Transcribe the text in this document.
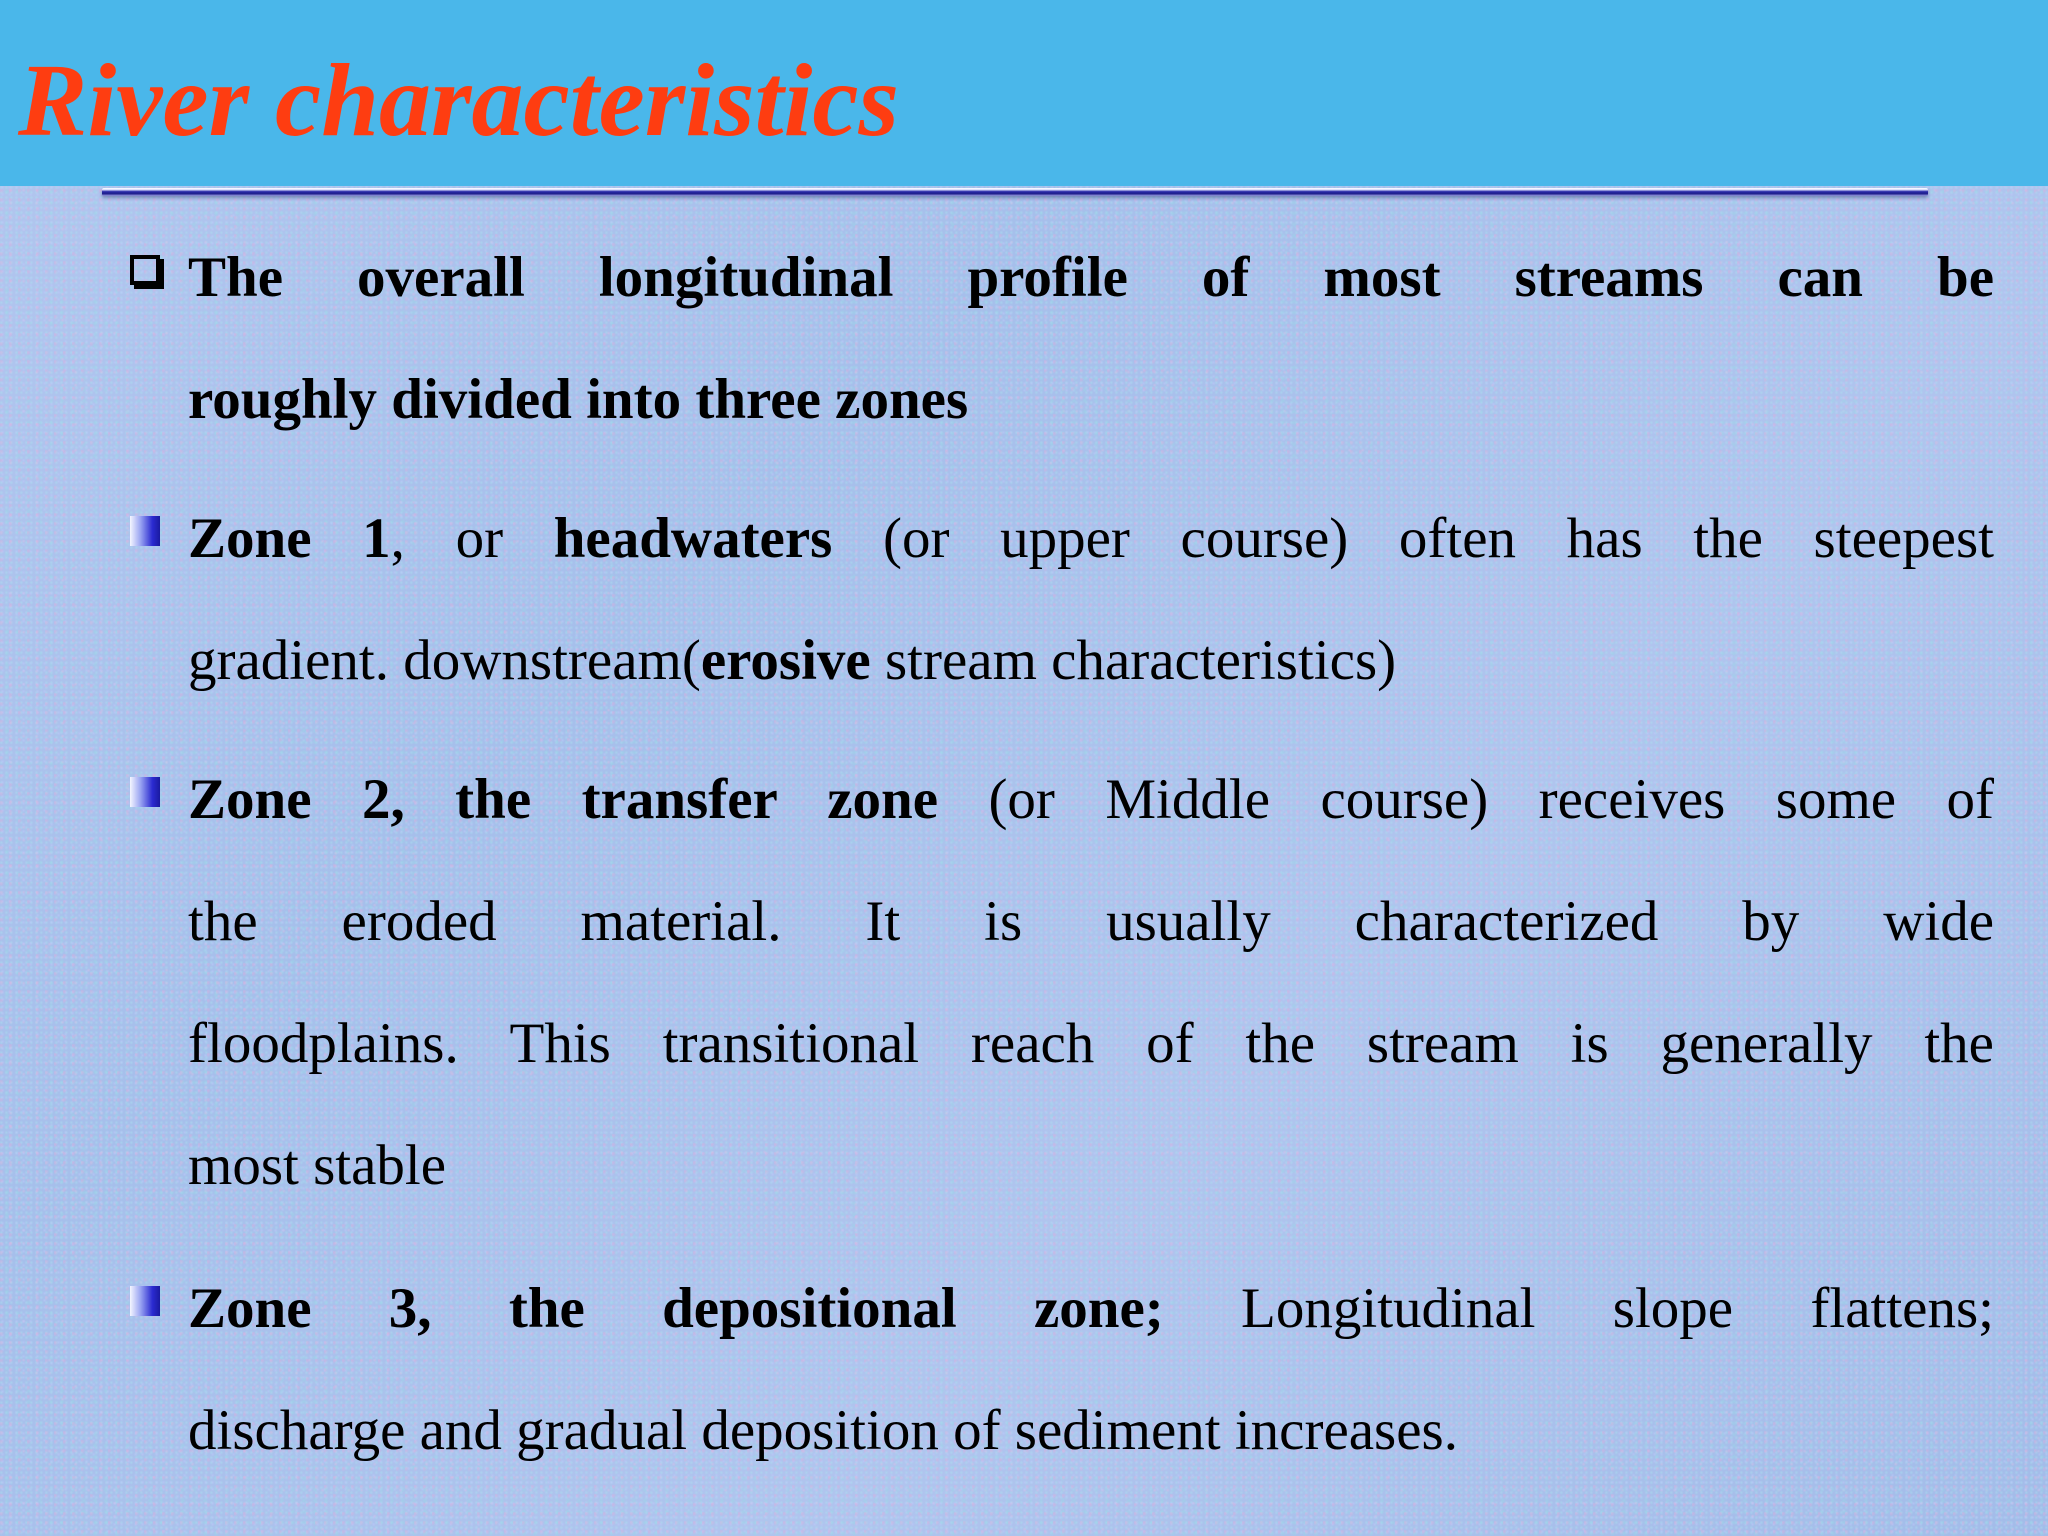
River characteristics
The overall longitudinal profile of most streams can be
roughly divided into three zones
Zone 1, or headwaters (or upper course) often has the steepest
gradient. downstream(erosive stream characteristics)
Zone 2, the transfer zone (or Middle course) receives some of
the eroded material. It is usually characterized by wide
floodplains. This transitional reach of the stream is generally the
most stable
Zone 3, the depositional zone; Longitudinal slope flattens;
discharge and gradual deposition of sediment increases.
